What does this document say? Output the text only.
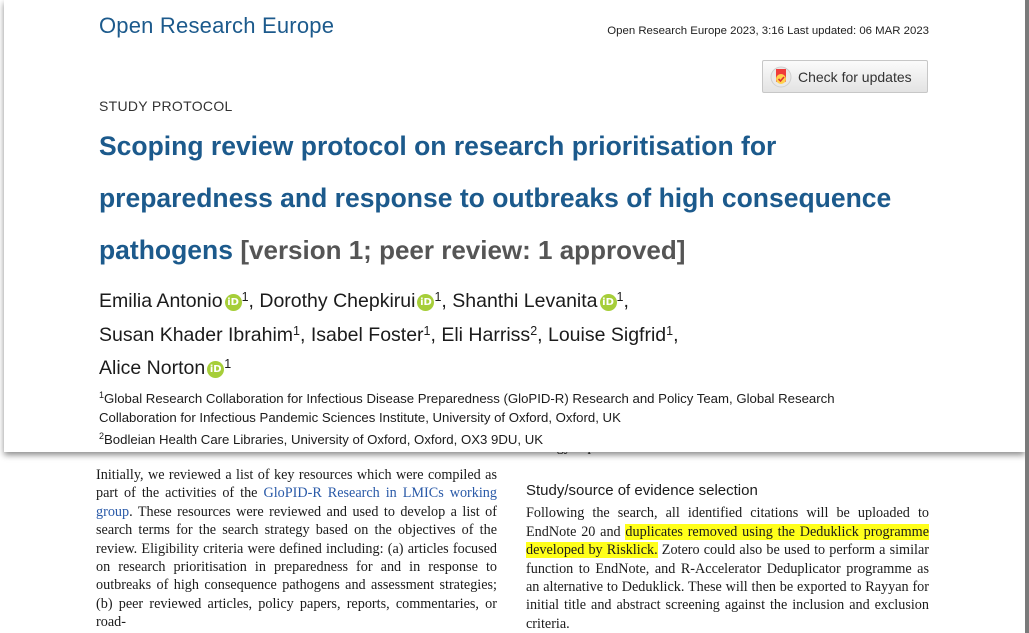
Initially, we reviewed a list of key resources which were compiled as part of the activities of the GloPID-R Research in LMICs working group. These resources were reviewed and used to develop a list of search terms for the search strategy based on the objectives of the review. Eligibility criteria were defined including: (a) articles focused on research prioritisation in preparedness for and in response to outbreaks of high consequence pathogens and assessment strategies; (b) peer reviewed articles, policy papers, reports, commentaries, or road-
Study/source of evidence selection
Following the search, all identified citations will be uploaded to EndNote 20 and duplicates removed using the Deduklick programme developed by Risklick. Zotero could also be used to perform a similar function to EndNote, and R-Accelerator Deduplicator programme as an alternative to Deduklick. These will then be exported to Rayyan for initial title and abstract screening against the inclusion and exclusion criteria.
Open Research Europe	Open Research Europe 2023, 3:16 Last updated: 06 MAR 2023
Check for updates
STUDY PROTOCOL
Scoping review protocol on research prioritisation for preparedness and response to outbreaks of high consequence pathogens [version 1; peer review: 1 approved]
Emilia Antonio iD $^1$, Dorothy Chepkirui iD $^1$, Shanthi Levanita iD $^1$,
Susan Khader Ibrahim$^1$, Isabel Foster$^1$, Eli Harriss$^2$, Louise Sigfrid$^1$,
Alice Norton iD $^1$
$^1$Global Research Collaboration for Infectious Disease Preparedness (GloPID-R) Research and Policy Team, Global Research Collaboration for Infectious Pandemic Sciences Institute, University of Oxford, Oxford, UK
$^2$Bodleian Health Care Libraries, University of Oxford, Oxford, OX3 9DU, UK
